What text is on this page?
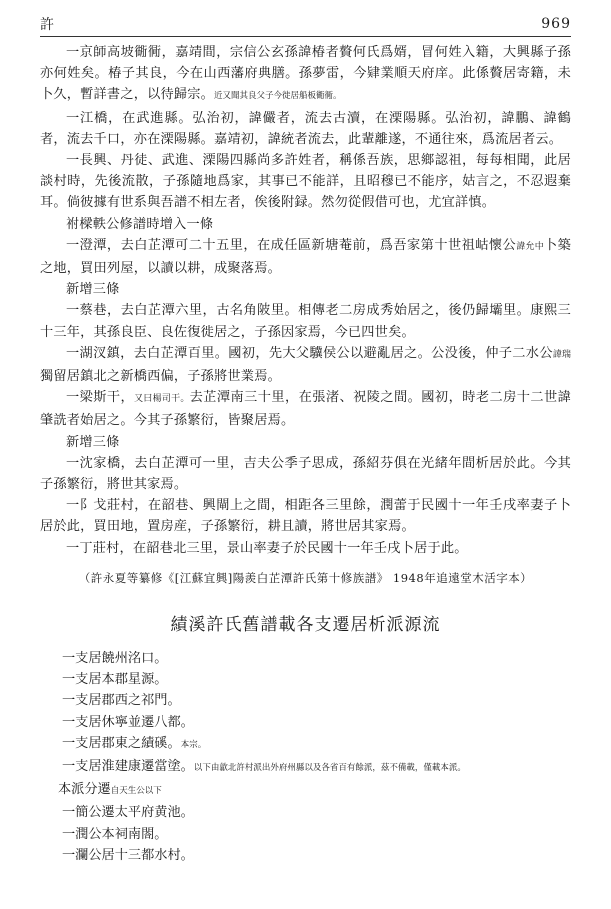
許	969

一京師高坡衚衕，嘉靖間，宗信公玄孫諱椿者贅何氏爲婿，冒何姓入籍，大興縣子孫亦何姓矣。椿子其良，今在山西藩府典膳。孫夢雷，今肄業順天府庠。此係贅居寄籍，未卜久，暫詳書之，以待歸宗。近又聞其良父子今徙居船板衚衕。

一江橋，在武進縣。弘治初，諱儼者，流去古瀆，在溧陽縣。弘治初，諱鵬、諱鶴者，流去千口，亦在溧陽縣。嘉靖初，諱統者流去，此輩離遂，不通往來，爲流居者云。

一長興、丹徒、武進、溧陽四縣尚多許姓者，稱係吾族，思鄉認祖，每每相聞，此居談村時，先後流散，子孫隨地爲家，其事已不能詳，且昭穆已不能序，姑言之，不忍遐棄耳。倘彼據有世系與吾譜不相左者，俟後附録。然勿從假借可也，尤宜詳慎。

祔樑軼公修譜時增入一條

一澄潭，去白芷潭可二十五里，在成任區新塘菴前，爲吾家第十世祖岵懷公諱允中卜築之地，買田列屋，以讀以耕，成聚落焉。

新增三條

一蔡巷，去白芷潭六里，古名角陂里。相傳老二房成秀始居之，後仍歸壩里。康熙三十三年，其孫良臣、良佐復徙居之，子孫因家焉，今已四世矣。

一湖汊鎮，去白芷潭百里。國初，先大父驥侯公以避亂居之。公没後，仲子二水公諱瑞獨留居鎮北之新橋西偏，子孫將世業焉。

一梁斯干，又曰楊司干。去芷潭南三十里，在張渚、祝陵之間。國初，時老二房十二世諱肇詵者始居之。今其子孫繁衍，皆聚居焉。

新增三條

一沈家橋，去白芷潭可一里，吉夫公季子思成，孫紹芬俱在光緒年間析居於此。今其子孫繁衍，將世其家焉。

一阝戈莊村，在韶巷、興閘上之間，相距各三里餘，潤蕾于民國十一年壬戌率妻子卜居於此，買田地，置房産，子孫繁衍，耕且讀，將世居其家焉。

一丁莊村，在韶巷北三里，景山率妻子於民國十一年壬戌卜居于此。

（許永夏等纂修《[江蘇宜興]陽羨白芷潭許氏第十修族譜》 1948年追遠堂木活字本）
績溪許氏舊譜載各支遷居析派源流

一支居饒州洺口。

一支居本郡星源。

一支居郡西之祁門。

一支居休寧並遷八都。

一支居郡東之績磎。本宗。

一支居淮建康遷當塗。以下由歙北許村派出外府州縣以及各省百有餘派，茲不備載，僅載本派。

本派分遷自天生公以下

一簡公遷太平府黄池。

一潤公本祠南閤。

一瀾公居十三都水村。
